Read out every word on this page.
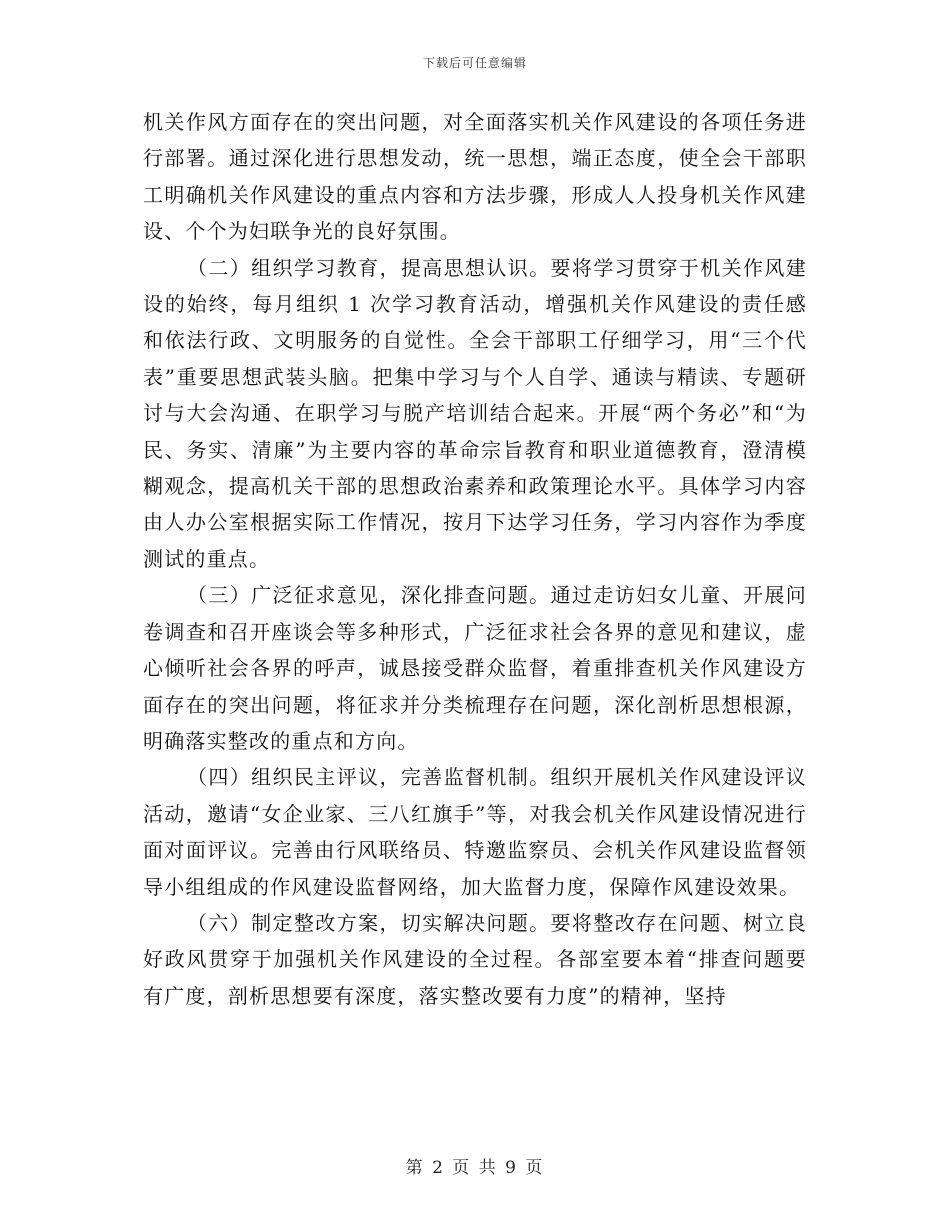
下载后可任意编辑

机关作风方面存在的突出问题，对全面落实机关作风建设的各项任务进行部署。通过深化进行思想发动，统一思想，端正态度，使全会干部职工明确机关作风建设的重点内容和方法步骤，形成人人投身机关作风建设、个个为妇联争光的良好氛围。

（二）组织学习教育，提高思想认识。要将学习贯穿于机关作风建设的始终，每月组织 1 次学习教育活动，增强机关作风建设的责任感和依法行政、文明服务的自觉性。全会干部职工仔细学习，用“三个代表”重要思想武装头脑。把集中学习与个人自学、通读与精读、专题研讨与大会沟通、在职学习与脱产培训结合起来。开展“两个务必”和“为民、务实、清廉”为主要内容的革命宗旨教育和职业道德教育，澄清模糊观念，提高机关干部的思想政治素养和政策理论水平。具体学习内容由人办公室根据实际工作情况，按月下达学习任务，学习内容作为季度测试的重点。

（三）广泛征求意见，深化排查问题。通过走访妇女儿童、开展问卷调查和召开座谈会等多种形式，广泛征求社会各界的意见和建议，虚心倾听社会各界的呼声，诚恳接受群众监督，着重排查机关作风建设方面存在的突出问题，将征求并分类梳理存在问题，深化剖析思想根源，明确落实整改的重点和方向。

（四）组织民主评议，完善监督机制。组织开展机关作风建设评议活动，邀请“女企业家、三八红旗手”等，对我会机关作风建设情况进行面对面评议。完善由行风联络员、特邀监察员、会机关作风建设监督领导小组组成的作风建设监督网络，加大监督力度，保障作风建设效果。

（六）制定整改方案，切实解决问题。要将整改存在问题、树立良好政风贯穿于加强机关作风建设的全过程。各部室要本着“排查问题要有广度，剖析思想要有深度，落实整改要有力度”的精神，坚持

第 2 页 共 9 页
